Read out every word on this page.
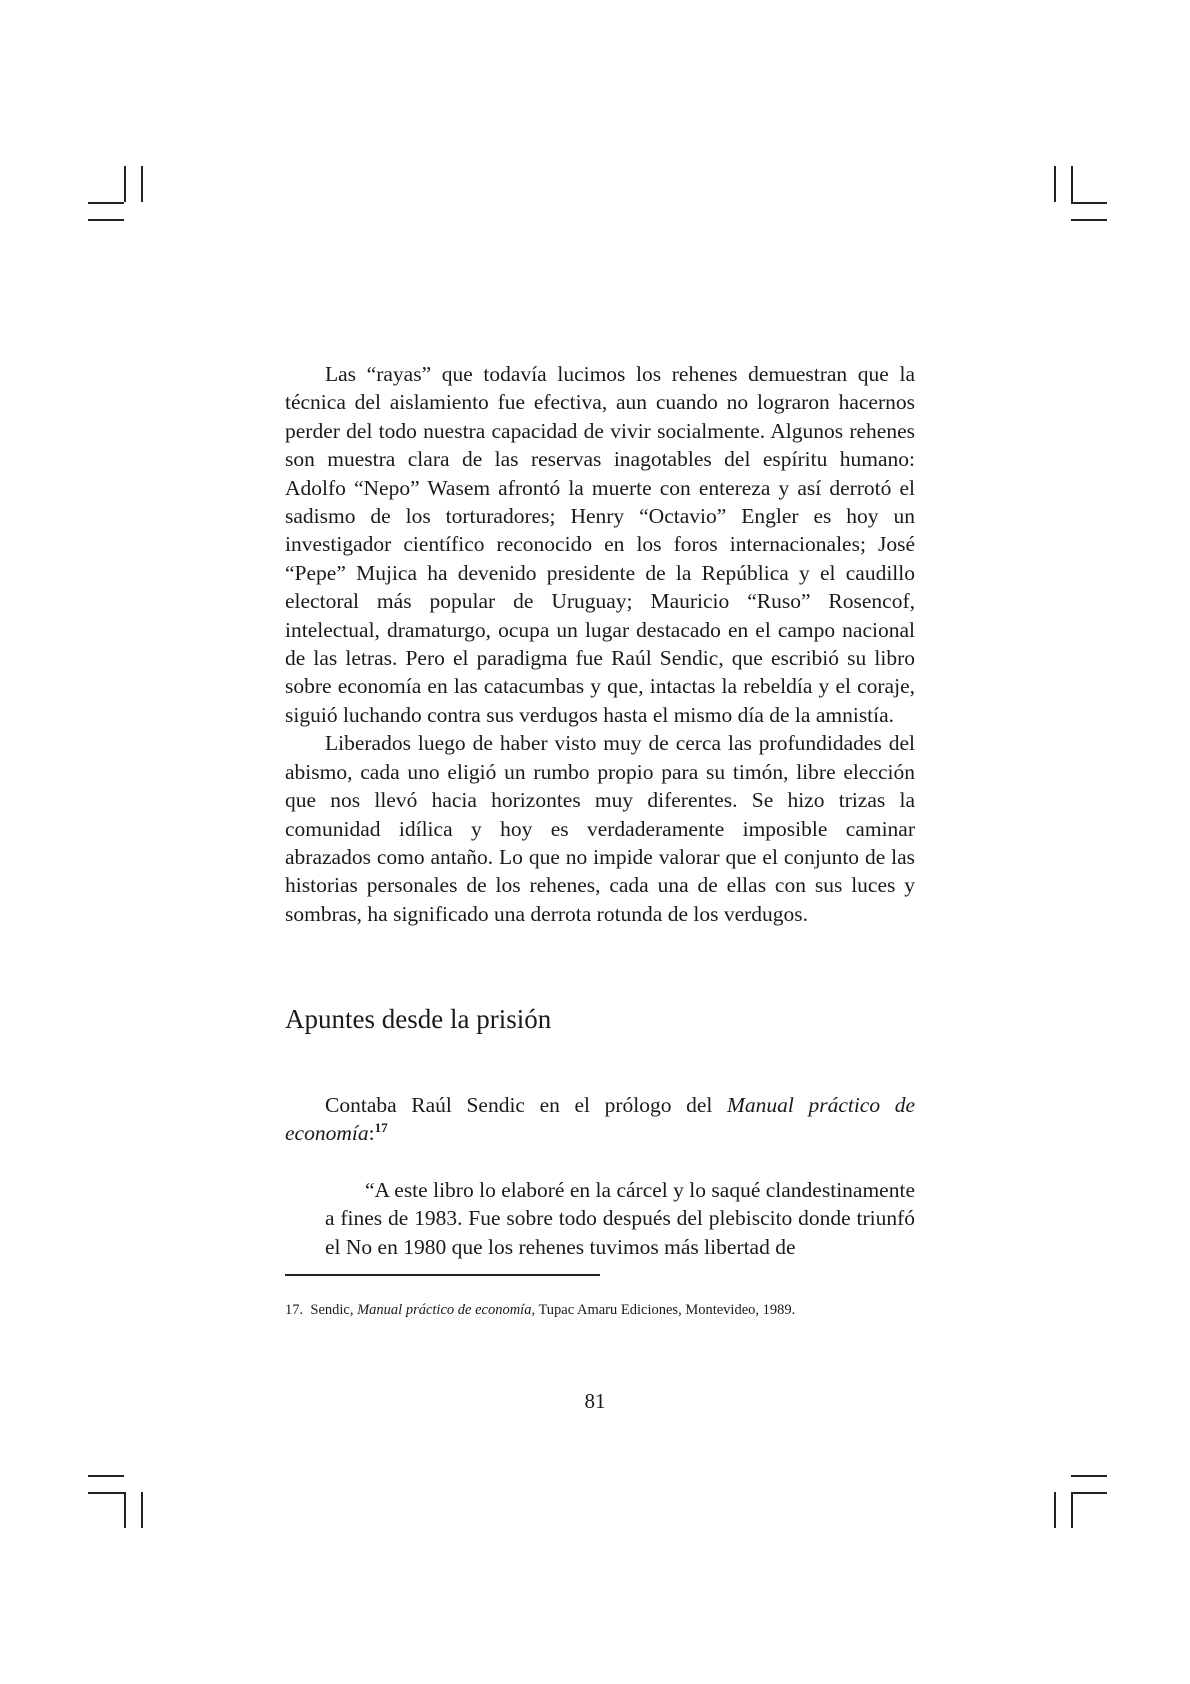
Las “rayas” que todavía lucimos los rehenes demuestran que la técnica del aislamiento fue efectiva, aun cuando no lograron hacernos perder del todo nuestra capacidad de vivir socialmente. Algunos rehenes son muestra clara de las reservas inagotables del espíritu humano: Adolfo “Nepo” Wasem afrontó la muerte con entereza y así derrotó el sadismo de los torturadores; Henry “Octavio” Engler es hoy un investigador científico reconocido en los foros internacionales; José “Pepe” Mujica ha devenido presidente de la República y el caudillo electoral más popular de Uruguay; Mauricio “Ruso” Rosencof, intelectual, dramaturgo, ocupa un lugar destacado en el campo nacional de las letras. Pero el paradigma fue Raúl Sendic, que escribió su libro sobre economía en las catacumbas y que, intactas la rebeldía y el coraje, siguió luchando contra sus verdugos hasta el mismo día de la amnistía.

Liberados luego de haber visto muy de cerca las profundidades del abismo, cada uno eligió un rumbo propio para su timón, libre elección que nos llevó hacia horizontes muy diferentes. Se hizo trizas la comunidad idílica y hoy es verdaderamente imposible caminar abrazados como antaño. Lo que no impide valorar que el conjunto de las historias personales de los rehenes, cada una de ellas con sus luces y sombras, ha significado una derrota rotunda de los verdugos.

Apuntes desde la prisión

Contaba Raúl Sendic en el prólogo del Manual práctico de economía:$^{17}$

“A este libro lo elaboré en la cárcel y lo saqué clandestinamente a fines de 1983. Fue sobre todo después del plebiscito donde triunfó el No en 1980 que los rehenes tuvimos más libertad de

17. Sendic, Manual práctico de economía, Tupac Amaru Ediciones, Montevideo, 1989.

81
